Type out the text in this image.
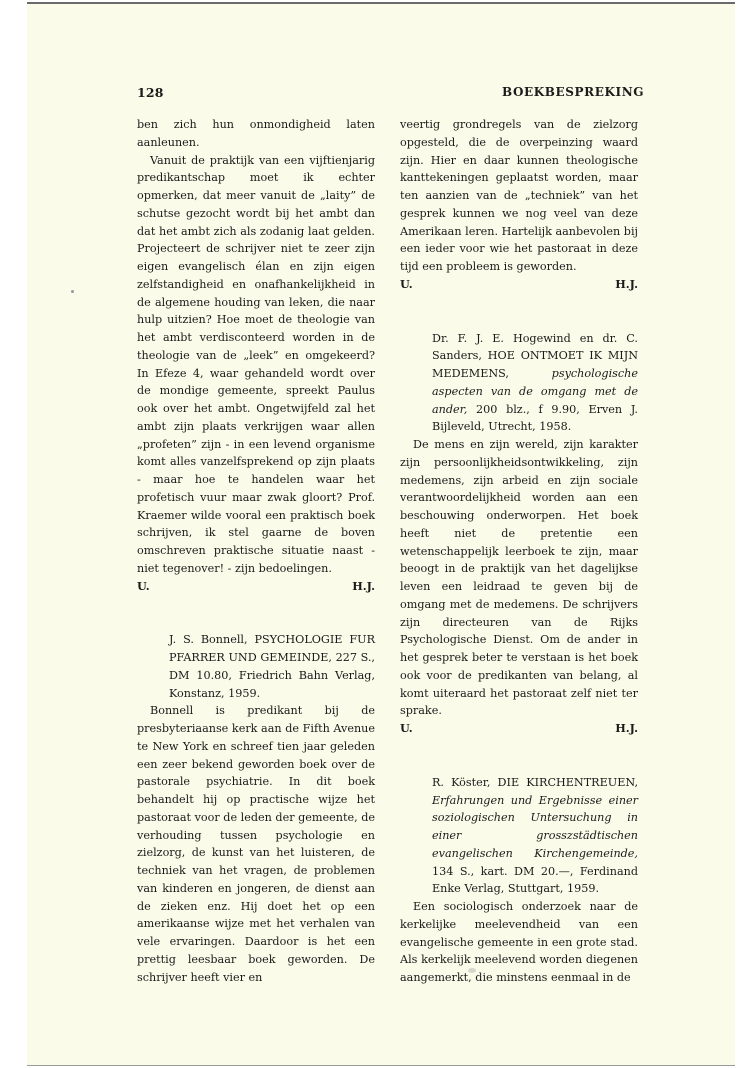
128	BOEKBESPREKING

ben zich hun onmondigheid laten aanleunen.

Vanuit de praktijk van een vijftienjarig predikantschap moet ik echter opmerken, dat meer vanuit de „laity” de schutse gezocht wordt bij het ambt dan dat het ambt zich als zodanig laat gelden. Projecteert de schrijver niet te zeer zijn eigen evangelisch élan en zijn eigen zelfstandigheid en onafhankelijkheid in de algemene houding van leken, die naar hulp uitzien? Hoe moet de theologie van het ambt verdisconteerd worden in de theologie van de „leek” en omgekeerd? In Efeze 4, waar gehandeld wordt over de mondige gemeente, spreekt Paulus ook over het ambt. Ongetwijfeld zal het ambt zijn plaats verkrijgen waar allen „profeten” zijn - in een levend organisme komt alles vanzelfsprekend op zijn plaats - maar hoe te handelen waar het profetisch vuur maar zwak gloort? Prof. Kraemer wilde vooral een praktisch boek schrijven, ik stel gaarne de boven omschreven praktische situatie naast - niet tegenover! - zijn bedoelingen.

U.	H.J.

J. S. Bonnell, PSYCHOLOGIE FUR PFARRER UND GEMEINDE, 227 S., DM 10.80, Friedrich Bahn Verlag, Konstanz, 1959.

Bonnell is predikant bij de presbyteriaanse kerk aan de Fifth Avenue te New York en schreef tien jaar geleden een zeer bekend geworden boek over de pastorale psychiatrie. In dit boek behandelt hij op practische wijze het pastoraat voor de leden der gemeente, de verhouding tussen psychologie en zielzorg, de kunst van het luisteren, de techniek van het vragen, de problemen van kinderen en jongeren, de dienst aan de zieken enz. Hij doet het op een amerikaanse wijze met het verhalen van vele ervaringen. Daardoor is het een prettig leesbaar boek geworden. De schrijver heeft vier en

veertig grondregels van de zielzorg opgesteld, die de overpeinzing waard zijn. Hier en daar kunnen theologische kanttekeningen geplaatst worden, maar ten aanzien van de „techniek” van het gesprek kunnen we nog veel van deze Amerikaan leren. Hartelijk aanbevolen bij een ieder voor wie het pastoraat in deze tijd een probleem is geworden.

U.	H.J.

Dr. F. J. E. Hogewind en dr. C. Sanders, HOE ONTMOET IK MIJN MEDEMENS,	psychologische aspecten van de omgang met de ander, 200 blz., f 9.90, Erven J. Bijleveld, Utrecht, 1958.

De mens en zijn wereld, zijn karakter zijn persoonlijkheidsontwikkeling, zijn medemens, zijn arbeid en zijn sociale verantwoordelijkheid worden aan een beschouwing onderworpen. Het boek heeft niet de pretentie een wetenschappelijk leerboek te zijn, maar beoogt in de praktijk van het dagelijkse leven een leidraad te geven bij de omgang met de medemens. De schrijvers zijn directeuren van de Rijks Psychologische Dienst. Om de ander in het gesprek beter te verstaan is het boek ook voor de predikanten van belang, al komt uiteraard het pastoraat zelf niet ter sprake.

U.	H.J.

R. Köster, DIE KIRCHENTREUEN, Erfahrungen und Ergebnisse einer soziologischen Untersuchung in einer grosszstädtischen evangelischen Kirchengemeinde, 134 S., kart. DM 20.—, Ferdinand Enke Verlag, Stuttgart, 1959.

Een sociologisch onderzoek naar de kerkelijke meelevendheid van een evangelische gemeente in een grote stad. Als kerkelijk meelevend worden diegenen aangemerkt, die minstens eenmaal in de
